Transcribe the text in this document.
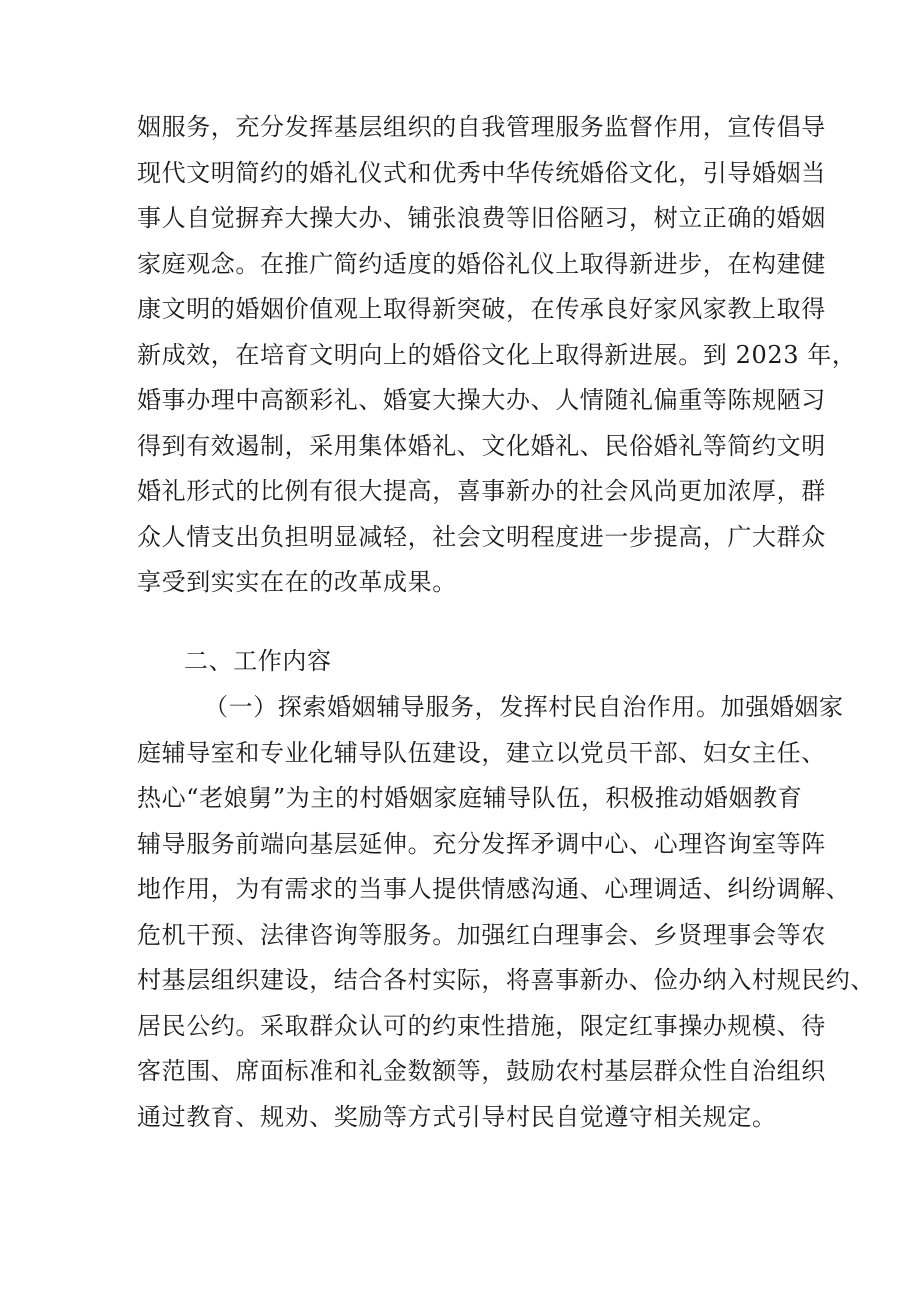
姻服务，充分发挥基层组织的自我管理服务监督作用，宣传倡导
现代文明简约的婚礼仪式和优秀中华传统婚俗文化，引导婚姻当
事人自觉摒弃大操大办、铺张浪费等旧俗陋习，树立正确的婚姻
家庭观念。在推广简约适度的婚俗礼仪上取得新进步，在构建健
康文明的婚姻价值观上取得新突破，在传承良好家风家教上取得
新成效，在培育文明向上的婚俗文化上取得新进展。到 2023 年，
婚事办理中高额彩礼、婚宴大操大办、人情随礼偏重等陈规陋习
得到有效遏制，采用集体婚礼、文化婚礼、民俗婚礼等简约文明
婚礼形式的比例有很大提高，喜事新办的社会风尚更加浓厚，群
众人情支出负担明显减轻，社会文明程度进一步提高，广大群众
享受到实实在在的改革成果。
二、工作内容
（一）探索婚姻辅导服务，发挥村民自治作用。加强婚姻家
庭辅导室和专业化辅导队伍建设，建立以党员干部、妇女主任、
热心“老娘舅”为主的村婚姻家庭辅导队伍，积极推动婚姻教育
辅导服务前端向基层延伸。充分发挥矛调中心、心理咨询室等阵
地作用，为有需求的当事人提供情感沟通、心理调适、纠纷调解、
危机干预、法律咨询等服务。加强红白理事会、乡贤理事会等农
村基层组织建设，结合各村实际，将喜事新办、俭办纳入村规民约、
居民公约。采取群众认可的约束性措施，限定红事操办规模、待
客范围、席面标准和礼金数额等，鼓励农村基层群众性自治组织
通过教育、规劝、奖励等方式引导村民自觉遵守相关规定。
